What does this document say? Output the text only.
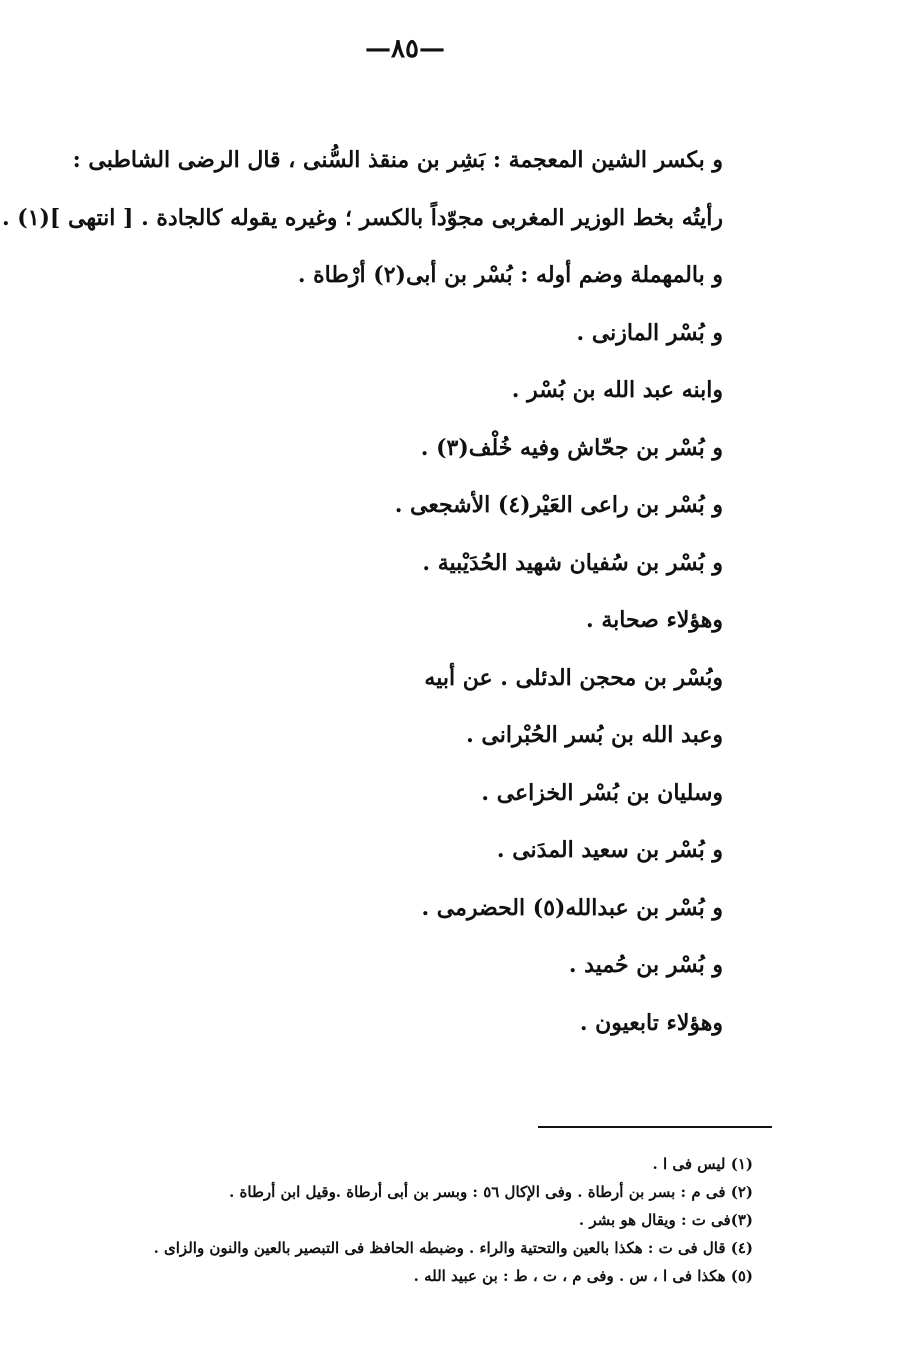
—٨٥—
و بكسر الشين المعجمة : بَشِر بن منقذ السُّنى ، قال الرضى الشاطبى :
رأيتُه بخط الوزير المغربى مجوّداً بالكسر ؛ وغيره يقوله كالجادة . [ انتهى ](١) .
و بالمهملة وضم أوله : بُسْر بن أبى(٢) أرْطاة .
و بُسْر المازنى .
وابنه عبد الله بن بُسْر .
و بُسْر بن جحّاش وفيه خُلْف(٣) .
و بُسْر بن راعى العَيْر(٤) الأشجعى .
و بُسْر بن سُفيان شهيد الحُدَيْبية .
وهؤلاء صحابة .
وبُسْر بن محجن الدئلى . عن أبيه
وعبد الله بن بُسر الحُبْرانى .
وسليان بن بُسْر الخزاعى .
و بُسْر بن سعيد المدَنى .
و بُسْر بن عبدالله(٥) الحضرمى .
و بُسْر بن حُميد .
وهؤلاء تابعيون .
(١) ليس فى ا .
(٢) فى م : بسر بن أرطاة . وفى الإكال ٥٦ : وبسر بن أبى أرطاة .وقيل ابن أرطاة .
(٣)فى ت : ويقال هو بشر .
(٤) قال فى ت : هكذا بالعين والتحتية والراء . وضبطه الحافظ فى التبصير بالعين والنون والزاى .
(٥) هكذا فى ا ، س . وفى م ، ت ، ط : بن عبيد الله .
